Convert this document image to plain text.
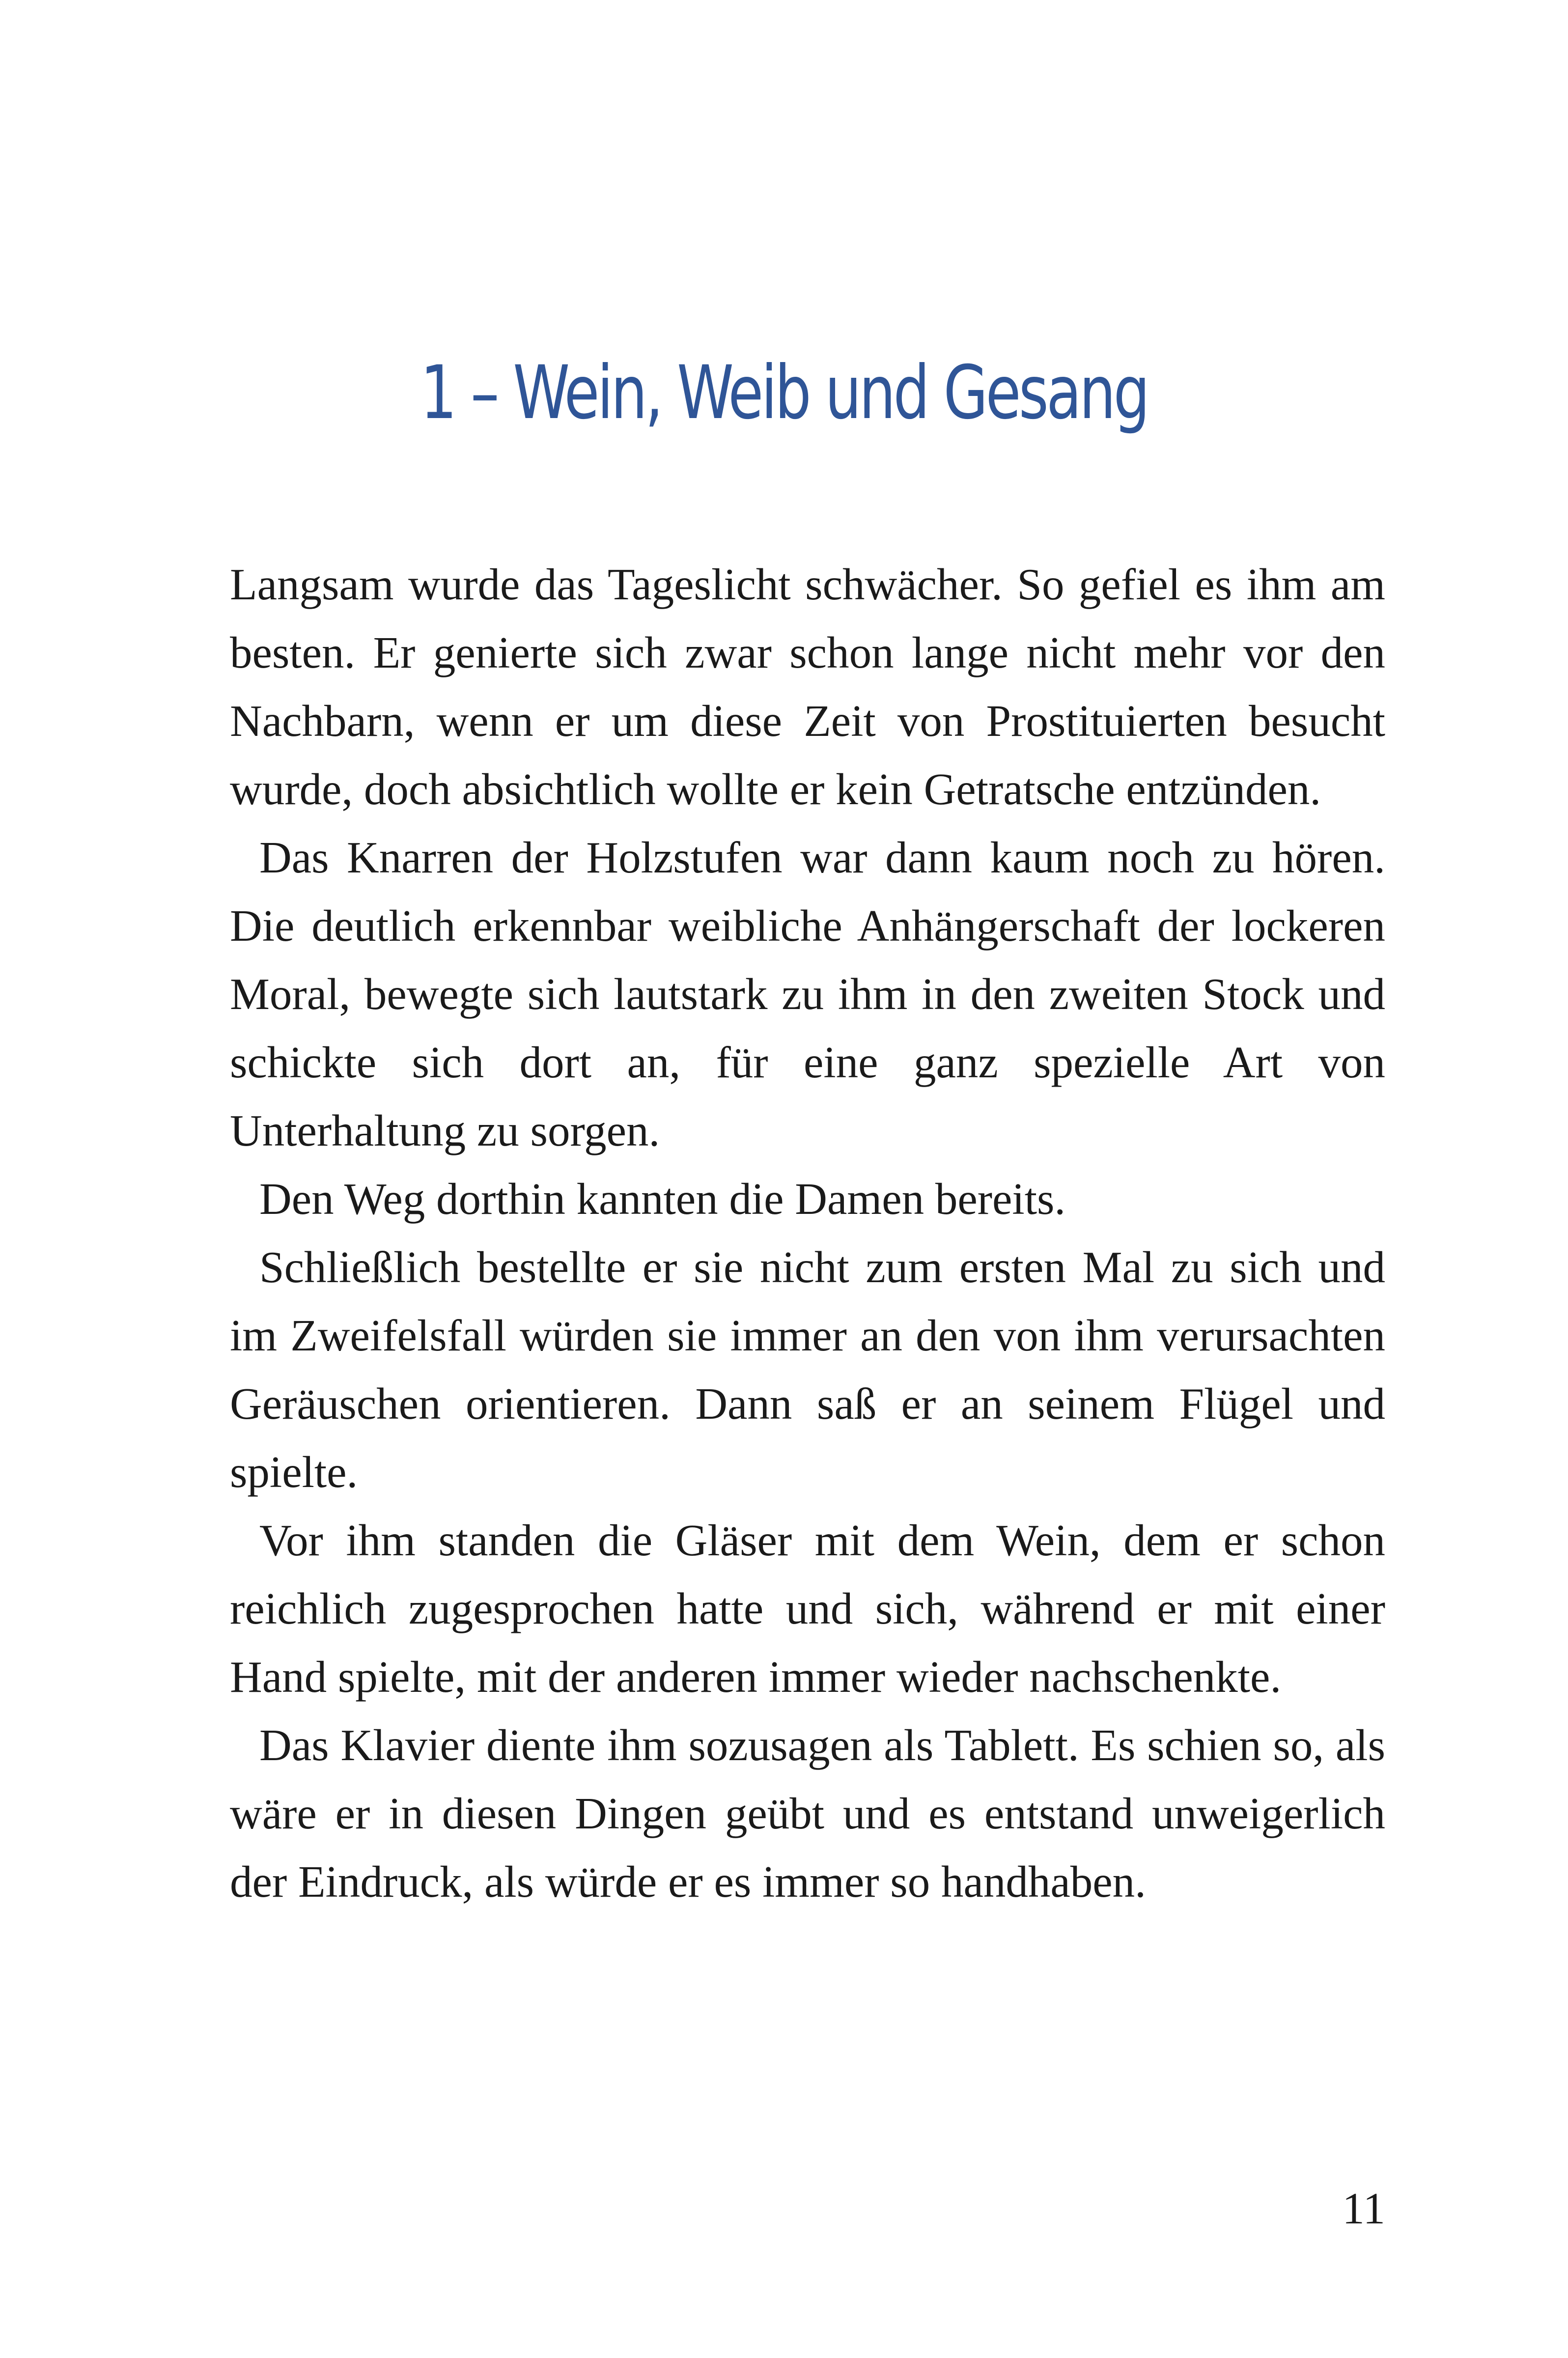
1 – Wein, Weib und Gesang

Langsam wurde das Tageslicht schwächer. So gefiel es ihm am besten. Er genierte sich zwar schon lange nicht mehr vor den Nachbarn, wenn er um diese Zeit von Prostituierten besucht wurde, doch absichtlich wollte er kein Getratsche entzünden.

Das Knarren der Holzstufen war dann kaum noch zu hören. Die deutlich erkennbar weibliche Anhängerschaft der lockeren Moral, bewegte sich lautstark zu ihm in den zweiten Stock und schickte sich dort an, für eine ganz spezielle Art von Unterhaltung zu sorgen.

Den Weg dorthin kannten die Damen bereits.

Schließlich bestellte er sie nicht zum ersten Mal zu sich und im Zweifelsfall würden sie immer an den von ihm verursachten Geräuschen orientieren. Dann saß er an seinem Flügel und spielte.

Vor ihm standen die Gläser mit dem Wein, dem er schon reichlich zugesprochen hatte und sich, während er mit einer Hand spielte, mit der anderen immer wieder nachschenkte.

Das Klavier diente ihm sozusagen als Tablett. Es schien so, als wäre er in diesen Dingen geübt und es entstand unweigerlich der Eindruck, als würde er es immer so handhaben.

11
